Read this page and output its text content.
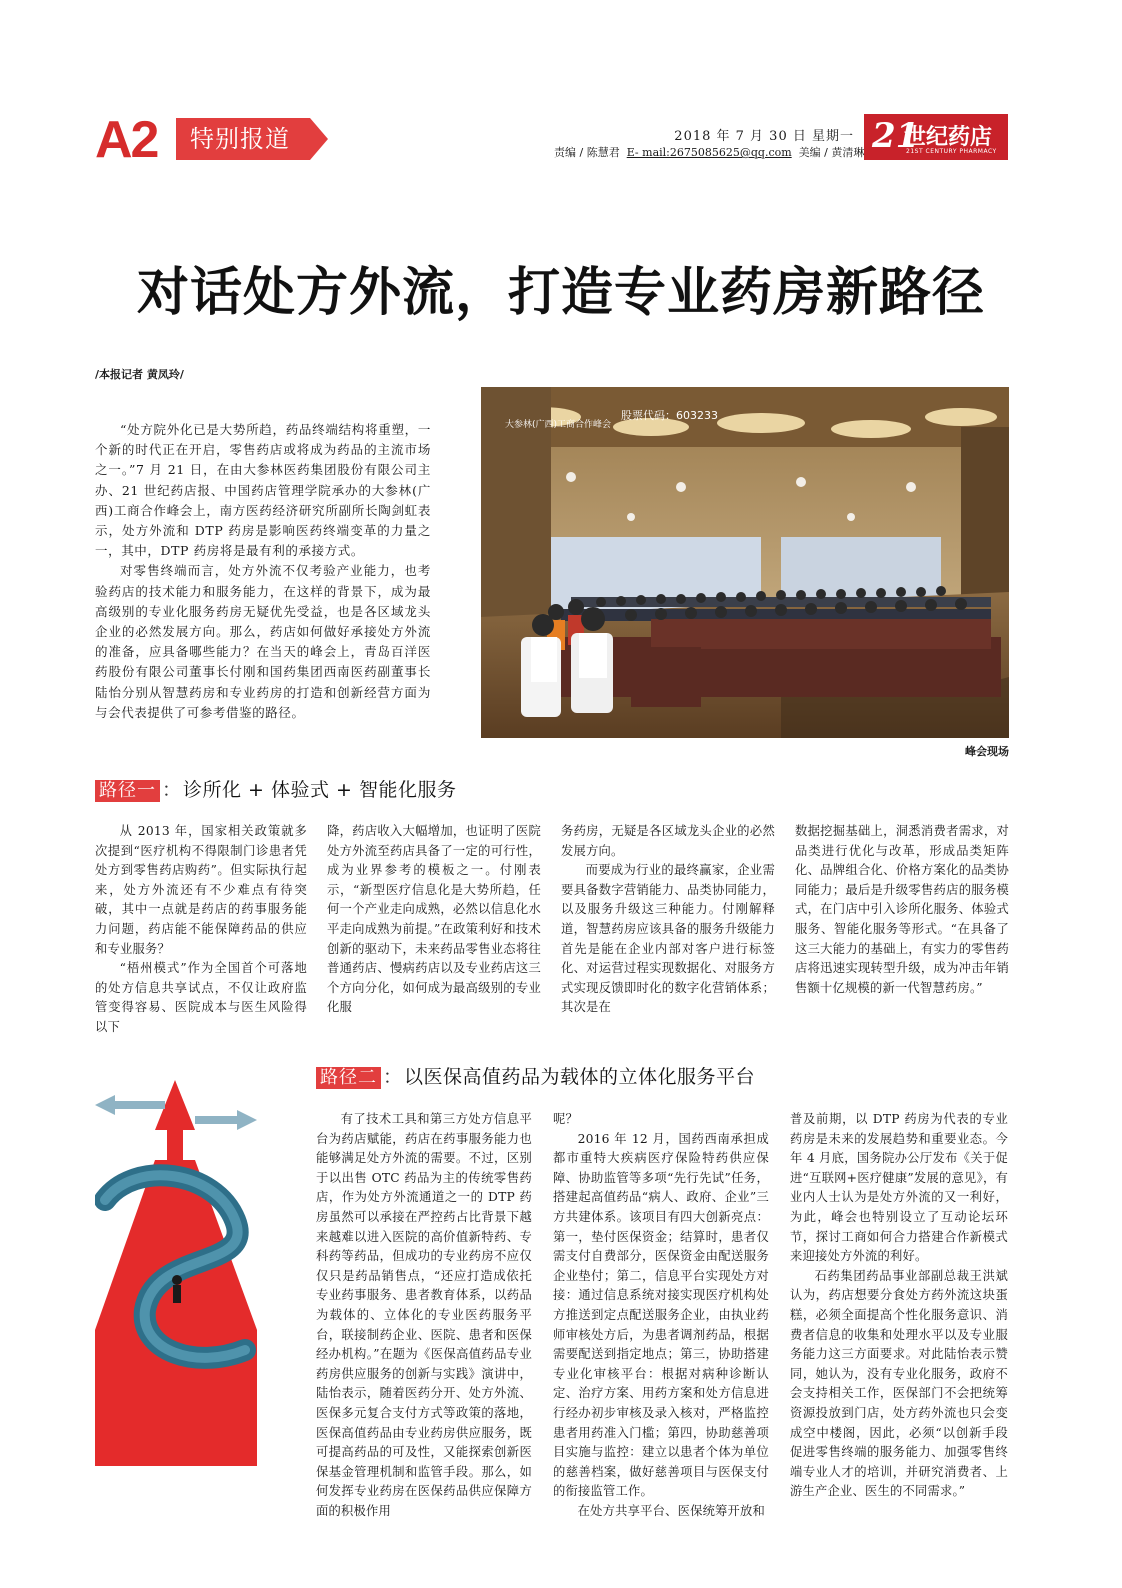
A2 特别报道	2018 年 7 月 30 日 星期一
责编 / 陈慧君 E- mail:2675085625@qq.com 美编 / 黄清琳 21
世纪药店
21ST CENTURY PHARMACY
对话处方外流，打造专业药房新路径
/本报记者 黄凤玲/

“处方院外化已是大势所趋，药品终端结构将重塑，一个新的时代正在开启，零售药店或将成为药品的主流市场之一。”7 月 21 日，在由大参林医药集团股份有限公司主办、21 世纪药店报、中国药店管理学院承办的大参林(广西)工商合作峰会上，南方医药经济研究所副所长陶剑虹表示，处方外流和 DTP 药房是影响医药终端变革的力量之一，其中，DTP 药房将是最有利的承接方式。

对零售终端而言，处方外流不仅考验产业能力，也考验药店的技术能力和服务能力，在这样的背景下，成为最高级别的专业化服务药房无疑优先受益，也是各区域龙头企业的必然发展方向。那么，药店如何做好承接处方外流的准备，应具备哪些能力？在当天的峰会上，青岛百洋医药股份有限公司董事长付刚和国药集团西南医药副董事长陆怡分别从智慧药房和专业药房的打造和创新经营方面为与会代表提供了可参考借鉴的路径。

大参林(广西)工商合作峰会
股票代码：603233
峰会现场
路径一 ： 诊所化 + 体验式 + 智能化服务

从 2013 年，国家相关政策就多次提到“医疗机构不得限制门诊患者凭处方到零售药店购药”。但实际执行起来，处方外流还有不少难点有待突破，其中一点就是药店的药事服务能力问题，药店能不能保障药品的供应和专业服务？

“梧州模式”作为全国首个可落地的处方信息共享试点，不仅让政府监管变得容易、医院成本与医生风险得以下

降，药店收入大幅增加，也证明了医院处方外流至药店具备了一定的可行性，成为业界参考的模板之一。付刚表示，“新型医疗信息化是大势所趋，任何一个产业走向成熟，必然以信息化水平走向成熟为前提。”在政策利好和技术创新的驱动下，未来药品零售业态将往普通药店、慢病药店以及专业药店这三个方向分化，如何成为最高级别的专业化服

务药房，无疑是各区域龙头企业的必然发展方向。

而要成为行业的最终赢家，企业需要具备数字营销能力、品类协同能力，以及服务升级这三种能力。付刚解释道，智慧药房应该具备的服务升级能力首先是能在企业内部对客户进行标签化、对运营过程实现数据化、对服务方式实现反馈即时化的数字化营销体系；其次是在

数据挖掘基础上，洞悉消费者需求，对品类进行优化与改革，形成品类矩阵化、品牌组合化、价格方案化的品类协同能力；最后是升级零售药店的服务模式，在门店中引入诊所化服务、体验式服务、智能化服务等形式。“在具备了这三大能力的基础上，有实力的零售药店将迅速实现转型升级，成为冲击年销售额十亿规模的新一代智慧药房。”

路径二 ： 以医保高值药品为载体的立体化服务平台

有了技术工具和第三方处方信息平台为药店赋能，药店在药事服务能力也能够满足处方外流的需要。不过，区别于以出售 OTC 药品为主的传统零售药店，作为处方外流通道之一的 DTP 药房虽然可以承接在严控药占比背景下越来越难以进入医院的高价值新特药、专科药等药品，但成功的专业药房不应仅仅只是药品销售点，“还应打造成依托专业药事服务、患者教育体系，以药品为载体的、立体化的专业医药服务平台，联接制药企业、医院、患者和医保经办机构。”在题为《医保高值药品专业药房供应服务的创新与实践》演讲中，陆怡表示，随着医药分开、处方外流、医保多元复合支付方式等政策的落地，医保高值药品由专业药房供应服务，既可提高药品的可及性，又能探索创新医保基金管理机制和监管手段。那么，如何发挥专业药房在医保药品供应保障方面的积极作用

呢？

2016 年 12 月，国药西南承担成都市重特大疾病医疗保险特药供应保障、协助监管等多项“先行先试”任务，搭建起高值药品“病人、政府、企业”三方共建体系。该项目有四大创新亮点：第一，垫付医保资金；结算时，患者仅需支付自费部分，医保资金由配送服务企业垫付；第二，信息平台实现处方对接：通过信息系统对接实现医疗机构处方推送到定点配送服务企业，由执业药师审核处方后，为患者调剂药品，根据需要配送到指定地点；第三，协助搭建专业化审核平台：根据对病种诊断认定、治疗方案、用药方案和处方信息进行经办初步审核及录入核对，严格监控患者用药准入门槛；第四，协助慈善项目实施与监控：建立以患者个体为单位的慈善档案，做好慈善项目与医保支付的衔接监管工作。

在处方共享平台、医保统筹开放和

普及前期，以 DTP 药房为代表的专业药房是未来的发展趋势和重要业态。今年 4 月底，国务院办公厅发布《关于促进“互联网+医疗健康”发展的意见》，有业内人士认为是处方外流的又一利好，为此，峰会也特别设立了互动论坛环节，探讨工商如何合力搭建合作新模式来迎接处方外流的利好。

石药集团药品事业部副总裁王洪斌认为，药店想要分食处方药外流这块蛋糕，必须全面提高个性化服务意识、消费者信息的收集和处理水平以及专业服务能力这三方面要求。对此陆怡表示赞同，她认为，没有专业化服务，政府不会支持相关工作，医保部门不会把统筹资源投放到门店，处方药外流也只会变成空中楼阁，因此，必须“以创新手段促进零售终端的服务能力、加强零售终端专业人才的培训，并研究消费者、上游生产企业、医生的不同需求。”
